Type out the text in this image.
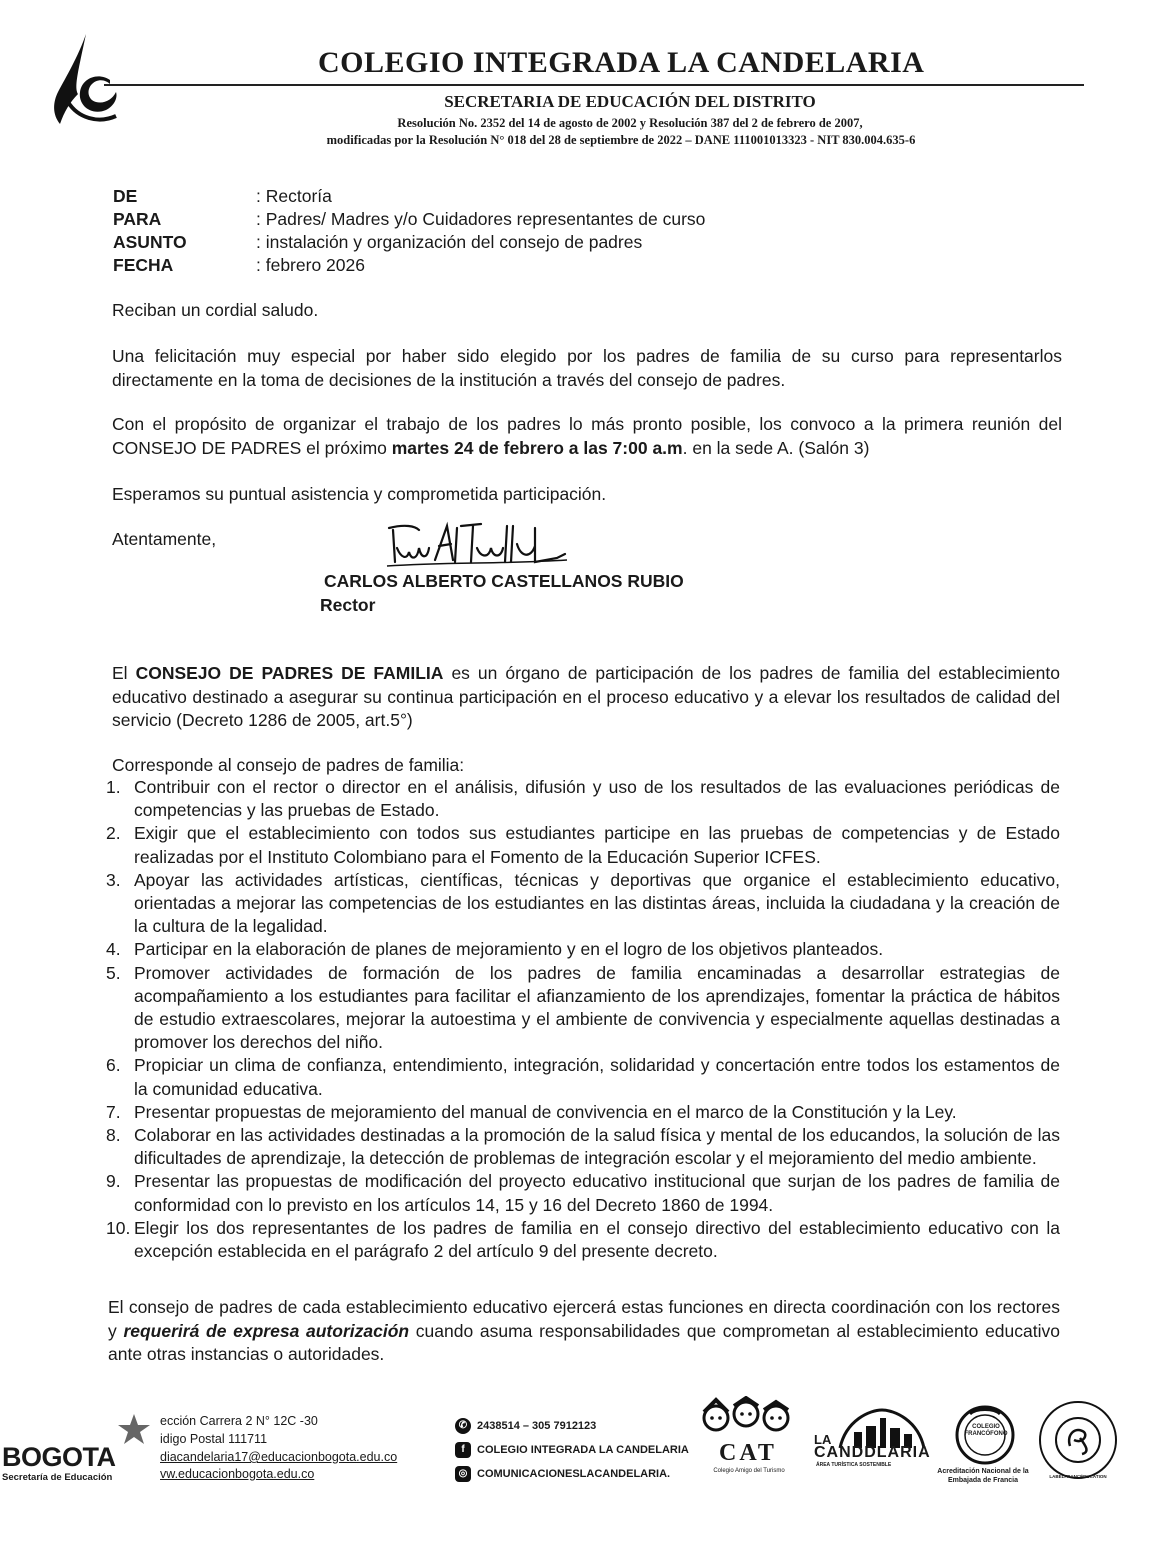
COLEGIO INTEGRADA LA CANDELARIA
SECRETARIA DE EDUCACIÓN DEL DISTRITO
Resolución No. 2352 del 14 de agosto de 2002 y Resolución 387 del 2 de febrero de 2007,
modificadas por la Resolución N° 018 del 28 de septiembre de 2022 – DANE 111001013323 - NIT 830.004.635-6
DE	: Rectoría
PARA	: Padres/ Madres y/o Cuidadores representantes de curso
ASUNTO	: instalación y organización del consejo de padres
FECHA	: febrero 2026
Reciban un cordial saludo.
Una felicitación muy especial por haber sido elegido por los padres de familia de su curso para representarlos directamente en la toma de decisiones de la institución a través del consejo de padres.
Con el propósito de organizar el trabajo de los padres lo más pronto posible, los convoco a la primera reunión del CONSEJO DE PADRES el próximo martes 24 de febrero a las 7:00 a.m. en la sede A. (Salón 3)
Esperamos su puntual asistencia y comprometida participación.
Atentamente,
CARLOS ALBERTO CASTELLANOS RUBIO
Rector
El CONSEJO DE PADRES DE FAMILIA es un órgano de participación de los padres de familia del establecimiento educativo destinado a asegurar su continua participación en el proceso educativo y a elevar los resultados de calidad del servicio (Decreto 1286 de 2005, art.5°)
Corresponde al consejo de padres de familia:
1. Contribuir con el rector o director en el análisis, difusión y uso de los resultados de las evaluaciones periódicas de competencias y las pruebas de Estado.
2. Exigir que el establecimiento con todos sus estudiantes participe en las pruebas de competencias y de Estado realizadas por el Instituto Colombiano para el Fomento de la Educación Superior ICFES.
3. Apoyar las actividades artísticas, científicas, técnicas y deportivas que organice el establecimiento educativo, orientadas a mejorar las competencias de los estudiantes en las distintas áreas, incluida la ciudadana y la creación de la cultura de la legalidad.
4. Participar en la elaboración de planes de mejoramiento y en el logro de los objetivos planteados.
5. Promover actividades de formación de los padres de familia encaminadas a desarrollar estrategias de acompañamiento a los estudiantes para facilitar el afianzamiento de los aprendizajes, fomentar la práctica de hábitos de estudio extraescolares, mejorar la autoestima y el ambiente de convivencia y especialmente aquellas destinadas a promover los derechos del niño.
6. Propiciar un clima de confianza, entendimiento, integración, solidaridad y concertación entre todos los estamentos de la comunidad educativa.
7. Presentar propuestas de mejoramiento del manual de convivencia en el marco de la Constitución y la Ley.
8. Colaborar en las actividades destinadas a la promoción de la salud física y mental de los educandos, la solución de las dificultades de aprendizaje, la detección de problemas de integración escolar y el mejoramiento del medio ambiente.
9. Presentar las propuestas de modificación del proyecto educativo institucional que surjan de los padres de familia de conformidad con lo previsto en los artículos 14, 15 y 16 del Decreto 1860 de 1994.
10. Elegir los dos representantes de los padres de familia en el consejo directivo del establecimiento educativo con la excepción establecida en el parágrafo 2 del artículo 9 del presente decreto.
El consejo de padres de cada establecimiento educativo ejercerá estas funciones en directa coordinación con los rectores y requerirá de expresa autorización cuando asuma responsabilidades que comprometan al establecimiento educativo ante otras instancias o autoridades.
BOGOTA
Secretaría de Educación
ección Carrera 2 N° 12C -30
idigo Postal 111711
diacandelaria17@educacionbogota.edu.co
vw.educacionbogota.edu.co
✆ 2438514 – 305 7912123
f	COLEGIO INTEGRADA LA CANDELARIA
◎ COMUNICACIONESLACANDELARIA.
CAT
Colegio Amigo del Turismo
LA
CANDDLARIA
ÁREA TURÍSTICA SOSTENIBLE
COLEGIO FRANCÓFONO
Acreditación Nacional de la
Embajada de Francia
LABELFRANCÉDUCATION
